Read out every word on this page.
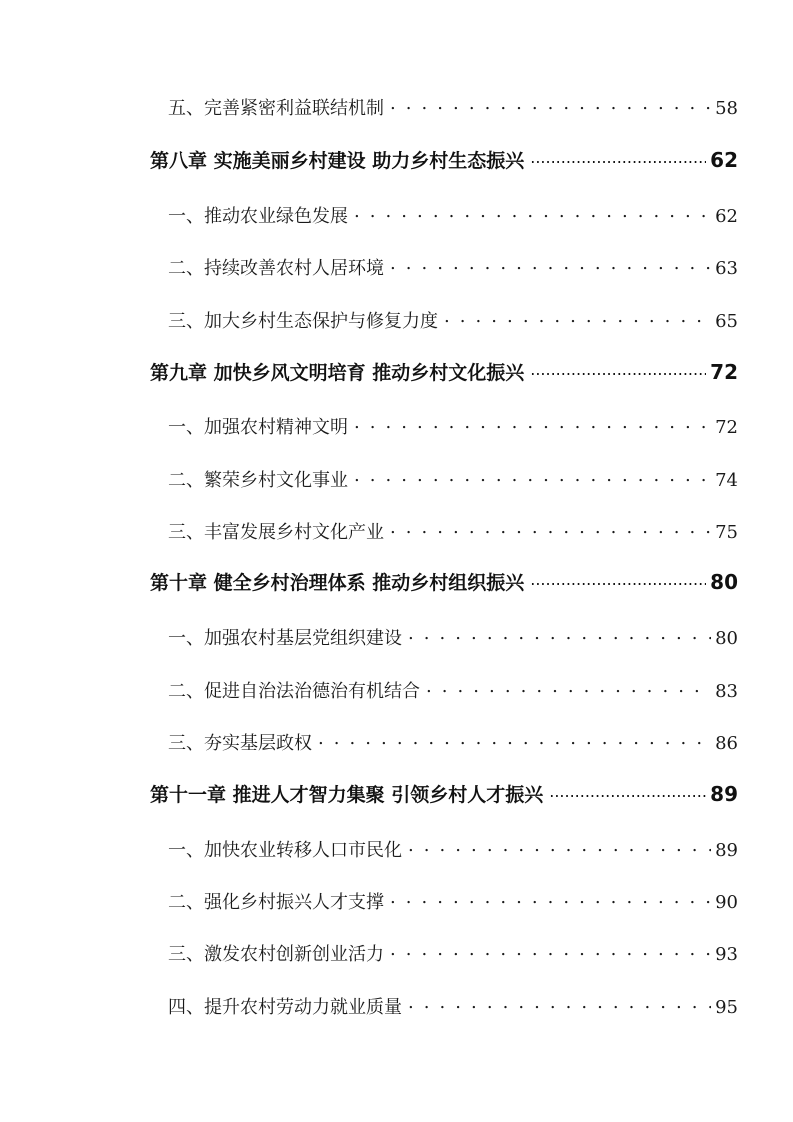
五、完善紧密利益联结机制 . . .	58
第八章 实施美丽乡村建设 助力乡村生态振兴 .....	62
一、推动农业绿色发展 . . .	62
二、持续改善农村人居环境 . . .	63
三、加大乡村生态保护与修复力度 . . .	65
第九章 加快乡风文明培育 推动乡村文化振兴 .....	72
一、加强农村精神文明 . . .	72
二、繁荣乡村文化事业 . . .	74
三、丰富发展乡村文化产业 . . .	75
第十章 健全乡村治理体系 推动乡村组织振兴 .....	80
一、加强农村基层党组织建设 . . .	80
二、促进自治法治德治有机结合 . . .	83
三、夯实基层政权 . . .	86
第十一章 推进人才智力集聚 引领乡村人才振兴 .....	89
一、加快农业转移人口市民化 . . .	89
二、强化乡村振兴人才支撑 . . .	90
三、激发农村创新创业活力 . . .	93
四、提升农村劳动力就业质量 . . .	95
